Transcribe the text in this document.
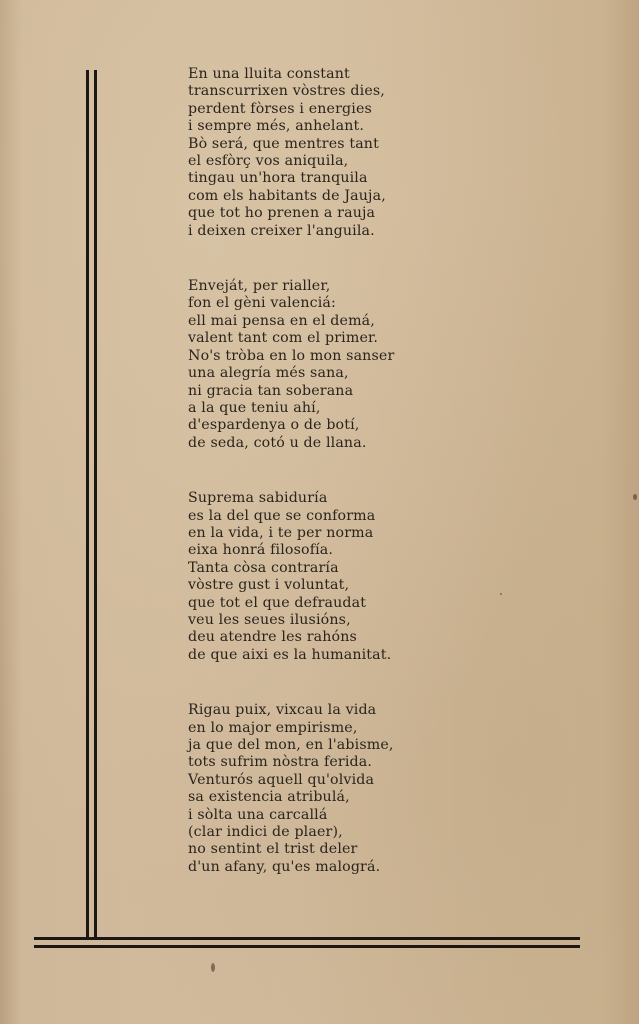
En una lluita constant
transcurrixen vòstres dies,
perdent fòrses i energies
i sempre més, anhelant.
Bò será, que mentres tant
el esfòrç vos aniquila,
tingau un'hora tranquila
com els habitants de Jauja,
que tot ho prenen a rauja
i deixen creixer l'anguila.
Enveját, per rialler,
fon el gèni valenciá:
ell mai pensa en el demá,
valent tant com el primer.
No's tròba en lo mon sanser
una alegría més sana,
ni gracia tan soberana
a la que teniu ahí,
d'espardenya o de botí,
de seda, cotó u de llana.
Suprema sabiduría
es la del que se conforma
en la vida, i te per norma
eixa honrá filosofía.
Tanta còsa contraría
vòstre gust i voluntat,
que tot el que defraudat
veu les seues ilusións,
deu atendre les rahóns
de que aixi es la humanitat.
Rigau puix, vixcau la vida
en lo major empirisme,
ja que del mon, en l'abisme,
tots sufrim nòstra ferida.
Venturós aquell qu'olvida
sa existencia atribulá,
i sòlta una carcallá
(clar indici de plaer),
no sentint el trist deler
d'un afany, qu'es malográ.
